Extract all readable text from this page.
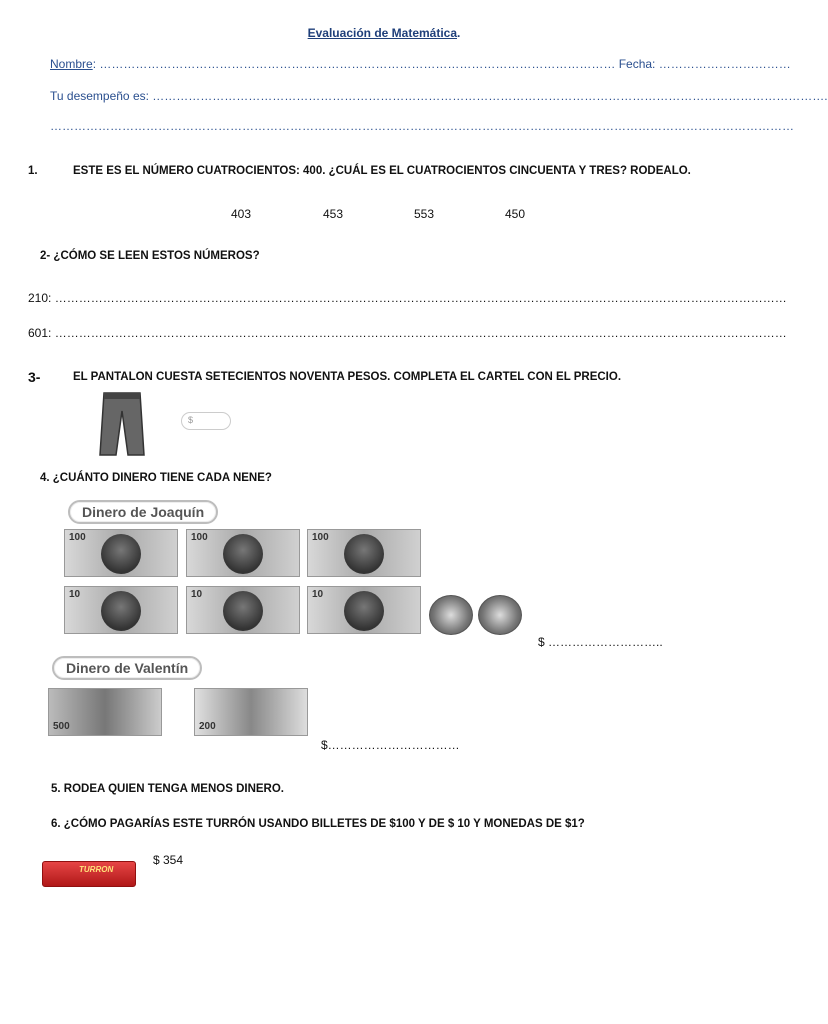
Evaluación de Matemática.
Nombre: ………………………………………………………………………………………………………………… Fecha: ……………………………
Tu desempeño es: …………………………………………………………………………………………………………………………………………………….
……………………………………………………………………………………………………………………………………………………………………
1.	ESTE ES EL NÚMERO CUATROCIENTOS: 400. ¿CUÁL ES EL CUATROCIENTOS CINCUENTA Y TRES? RODEALO.
403	453	553	450
2- ¿CÓMO SE LEEN ESTOS NÚMEROS?
210: …………………………………………………………………………………………………………………………………………………………………
601: …………………………………………………………………………………………………………………………………………………………………
3-	EL PANTALON CUESTA SETECIENTOS NOVENTA PESOS. COMPLETA EL CARTEL CON EL PRECIO.
$
4. ¿CUÁNTO DINERO TIENE CADA NENE?
Dinero de Joaquín
100	100	100
10	10	10
$ ………………………..
Dinero de Valentín
500	200
$……………………………
5. RODEA QUIEN TENGA MENOS DINERO.
6. ¿CÓMO PAGARÍAS ESTE TURRÓN USANDO BILLETES DE $100 Y DE $ 10 Y MONEDAS DE $1?
TURRON
$ 354
